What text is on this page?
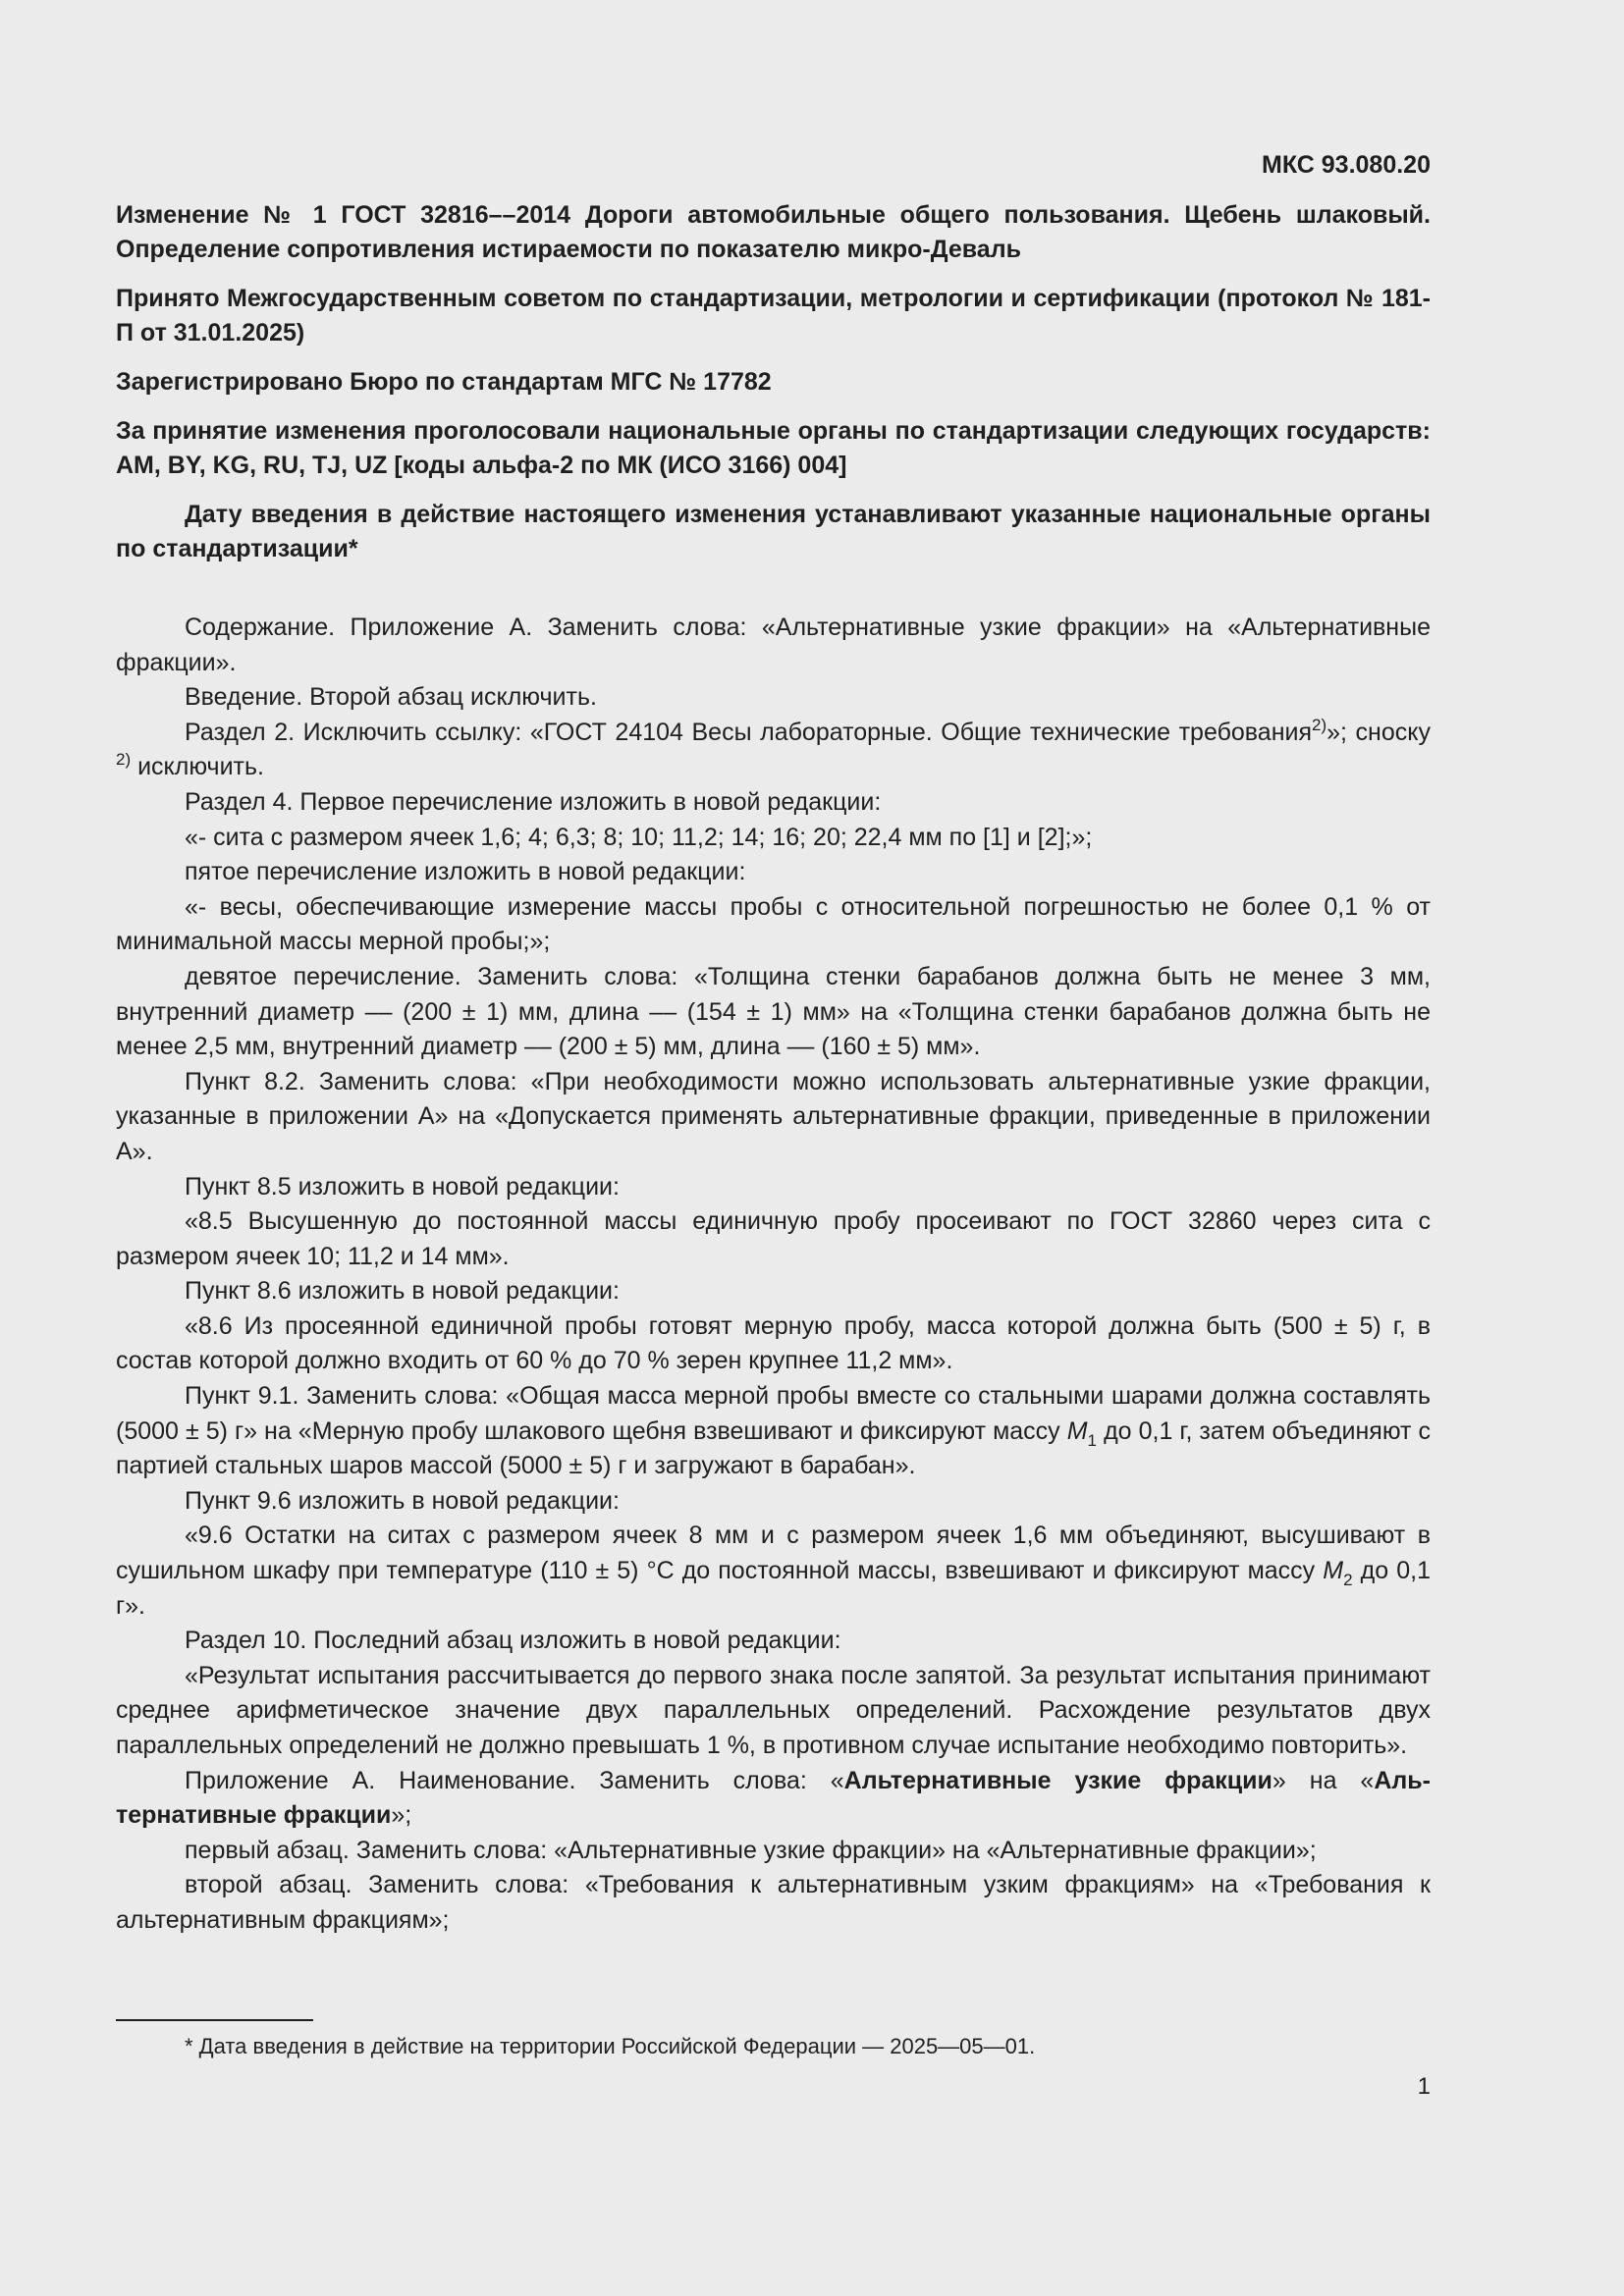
МКС 93.080.20
Изменение № 1 ГОСТ 32816––2014 Дороги автомобильные общего пользования. Щебень шлаковый. Определение сопротивления истираемости по показателю микро-Деваль
Принято Межгосударственным советом по стандартизации, метрологии и сертификации (протокол № 181-П от 31.01.2025)
Зарегистрировано Бюро по стандартам МГС № 17782
За принятие изменения проголосовали национальные органы по стандартизации следующих государств: AM, BY, KG, RU, TJ, UZ [коды альфа-2 по МК (ИСО 3166) 004]
Дату введения в действие настоящего изменения устанавливают указанные национальные органы по стандартизации*

Содержание. Приложение А. Заменить слова: «Альтернативные узкие фракции» на «Альтернативные фракции».

Введение. Второй абзац исключить.

Раздел 2. Исключить ссылку: «ГОСТ 24104 Весы лабораторные. Общие технические требования$^{2)}$»; сноску $^{2)}$ исключить.

Раздел 4. Первое перечисление изложить в новой редакции:

«- сита с размером ячеек 1,6; 4; 6,3; 8; 10; 11,2; 14; 16; 20; 22,4 мм по [1] и [2];»;

пятое перечисление изложить в новой редакции:

«- весы, обеспечивающие измерение массы пробы с относительной погрешностью не более 0,1 % от минимальной массы мерной пробы;»;

девятое перечисление. Заменить слова: «Толщина стенки барабанов должна быть не менее 3 мм, внутренний диаметр –– (200 ± 1) мм, длина –– (154 ± 1) мм» на «Толщина стенки барабанов должна быть не менее 2,5 мм, внутренний диаметр –– (200 ± 5) мм, длина –– (160 ± 5) мм».

Пункт 8.2. Заменить слова: «При необходимости можно использовать альтернативные узкие фракции, указанные в приложении А» на «Допускается применять альтернативные фракции, приведенные в приложении А».

Пункт 8.5 изложить в новой редакции:

«8.5 Высушенную до постоянной массы единичную пробу просеивают по ГОСТ 32860 через сита с размером ячеек 10; 11,2 и 14 мм».

Пункт 8.6 изложить в новой редакции:

«8.6 Из просеянной единичной пробы готовят мерную пробу, масса которой должна быть (500 ± 5) г, в состав которой должно входить от 60 % до 70 % зерен крупнее 11,2 мм».

Пункт 9.1. Заменить слова: «Общая масса мерной пробы вместе со стальными шарами должна составлять (5000 ± 5) г» на «Мерную пробу шлакового щебня взвешивают и фиксируют массу $M_1$ до 0,1 г, затем объединяют с партией стальных шаров массой (5000 ± 5) г и загружают в барабан».

Пункт 9.6 изложить в новой редакции:

«9.6 Остатки на ситах с размером ячеек 8 мм и с размером ячеек 1,6 мм объединяют, высушивают в сушильном шкафу при температуре (110 ± 5) °С до постоянной массы, взвешивают и фиксируют массу $M_2$ до 0,1 г».

Раздел 10. Последний абзац изложить в новой редакции:

«Результат испытания рассчитывается до первого знака после запятой. За результат испытания принимают среднее арифметическое значение двух параллельных определений. Расхождение результатов двух параллельных определений не должно превышать 1 %, в противном случае испытание необходимо повторить».

Приложение А. Наименование. Заменить слова: «Альтернативные узкие фракции» на «Альтернативные фракции»;

первый абзац. Заменить слова: «Альтернативные узкие фракции» на «Альтернативные фракции»;

второй абзац. Заменить слова: «Требования к альтернативным узким фракциям» на «Требования к альтернативным фракциям»;

* Дата введения в действие на территории Российской Федерации — 2025—05—01.
1
